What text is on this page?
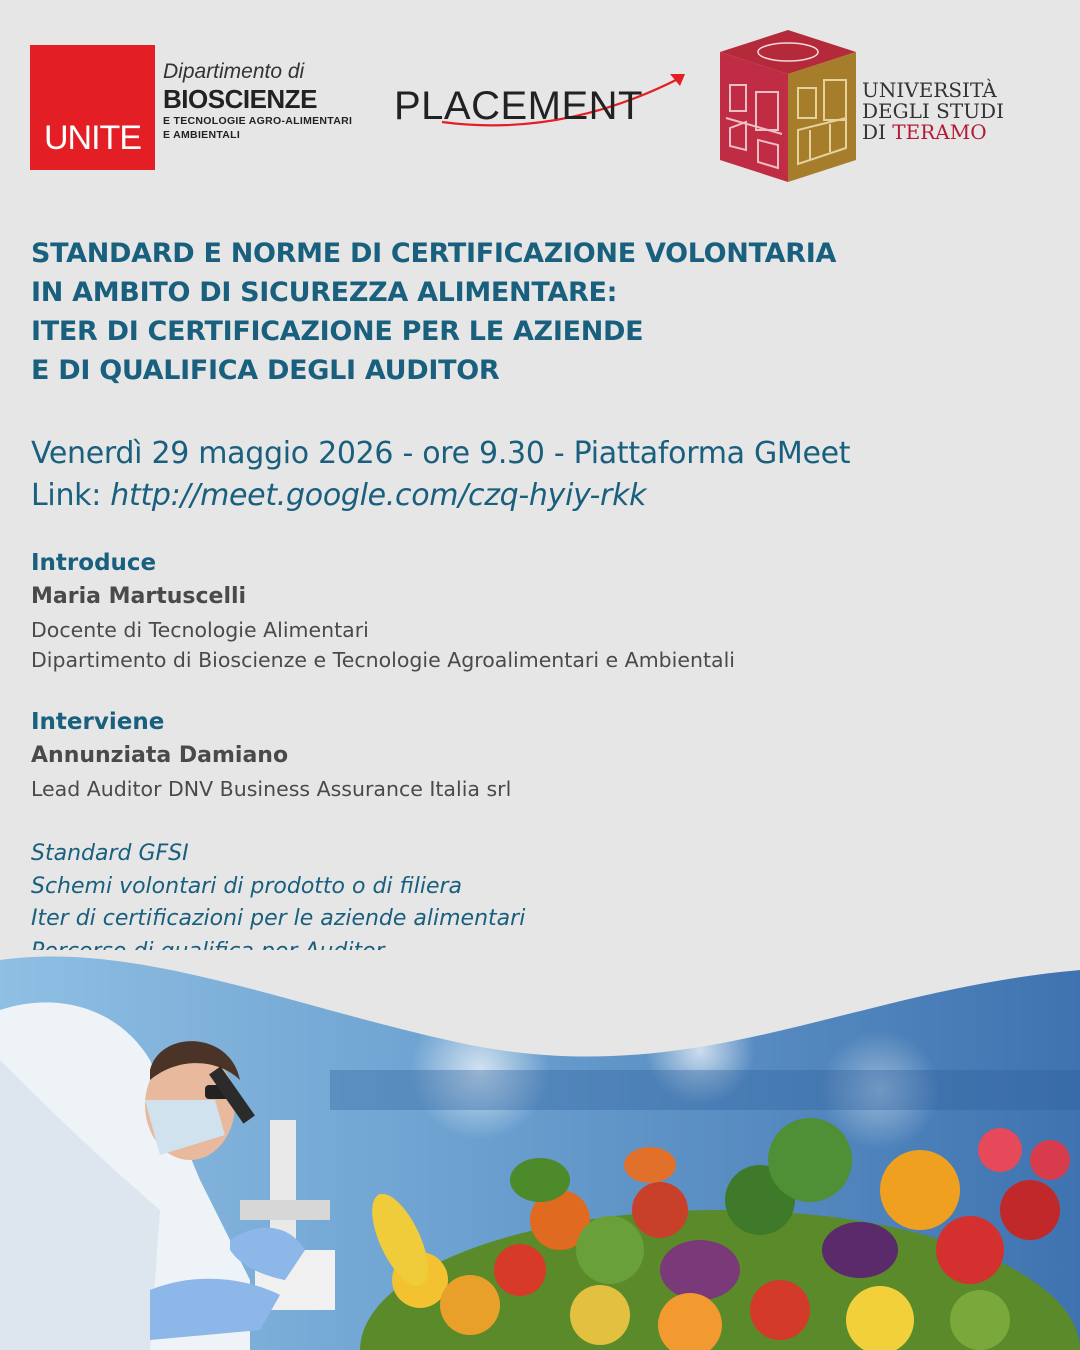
UNITE
Dipartimento di
BIOSCIENZE
E TECNOLOGIE AGRO-ALIMENTARI
E AMBIENTALI
PLACEMENT	UNIVERSITÀ
DEGLI STUDI
DI TERAMO
STANDARD E NORME DI CERTIFICAZIONE VOLONTARIA
IN AMBITO DI SICUREZZA ALIMENTARE:
ITER DI CERTIFICAZIONE PER LE AZIENDE
E DI QUALIFICA DEGLI AUDITOR
Venerdì 29 maggio 2026 - ore 9.30 - Piattaforma GMeet
Link: http://meet.google.com/czq-hyiy-rkk
Introduce
Maria Martuscelli
Docente di Tecnologie Alimentari
Dipartimento di Bioscienze e Tecnologie Agroalimentari e Ambientali
Interviene
Annunziata Damiano
Lead Auditor DNV Business Assurance Italia srl
Standard GFSI
Schemi volontari di prodotto o di filiera
Iter di certificazioni per le aziende alimentari
